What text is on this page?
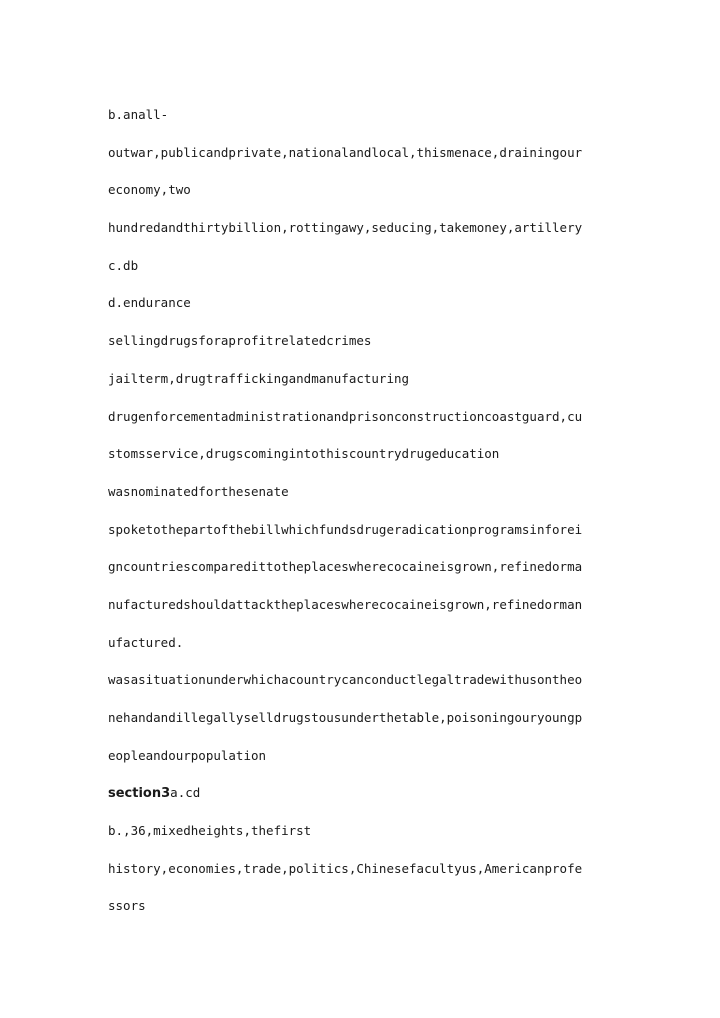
b.anall-
outwar,publicandprivate,nationalandlocal,thismenace,drainingour
economy,two
hundredandthirtybillion,rottingawy,seducing,takemoney,artillery
c.db
d.endurance
sellingdrugsforaprofitrelatedcrimes
jailterm,drugtraffickingandmanufacturing
drugenforcementadministrationandprisonconstructioncoastguard,cu
stomsservice,drugscomingintothiscountrydrugeducation
wasnominatedforthesenate
spoketothepartofthebillwhichfundsdrugeradicationprogramsinforei
gncountriescomparedittotheplaceswherecocaineisgrown,refinedorma
nufacturedshouldattacktheplaceswherecocaineisgrown,refinedorman
ufactured.
wasasituationunderwhichacountrycanconductlegaltradewithusontheo
nehandandillegallyselldrugstousunderthetable,poisoningouryoungp
eopleandourpopulation
section3a.cd
b.,36,mixedheights,thefirst
history,economies,trade,politics,Chinesefacultyus,Americanprofe
ssors
